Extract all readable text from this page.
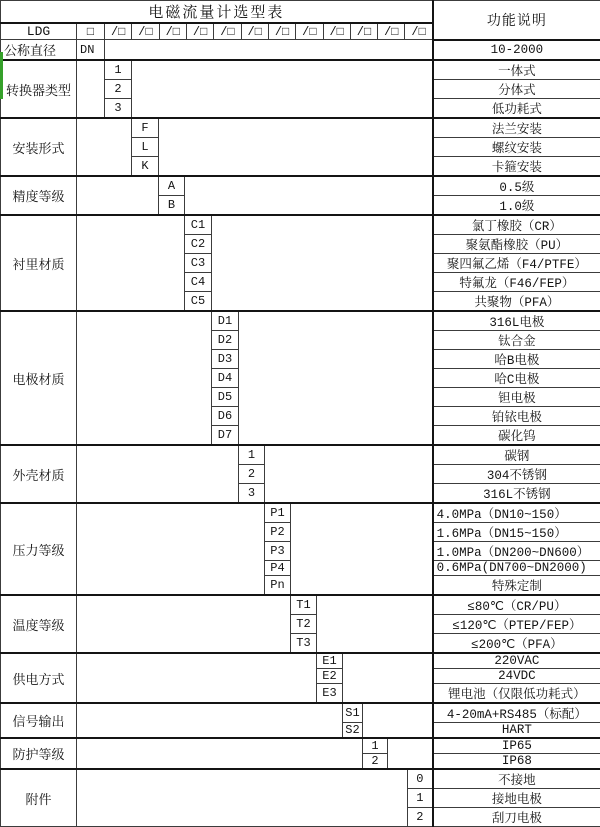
电磁流量计选型表															功能说明
LDG	□	/□	/□	/□	/□	/□	/□	/□	/□	/□	/□	/□	/□

公称直径	DN														10-2000
转换器类型		1													一体式
		2													分体式
		3													低功耗式
安装形式			F												法兰安装
			L												螺纹安装
			K												卡箍安装
精度等级				A											0.5级
				B											1.0级
衬里材质					C1										氯丁橡胶（CR）
					C2										聚氨酯橡胶（PU）
					C3										聚四氟乙烯（F4/PTFE）
					C4										特氟龙（F46/FEP）
					C5										共聚物（PFA）
电极材质						D1									316L电极
						D2									钛合金
						D3									哈B电极
						D4									哈C电极
						D5									钽电极
						D6									铂铱电极
						D7									碳化钨
外壳材质							1								碳钢
							2								304不锈钢
							3								316L不锈钢
压力等级								P1							4.0MPa（DN10~150）
								P2							1.6MPa（DN15~150）
								P3							1.0MPa（DN200~DN600）
								P4							0.6MPa(DN700~DN2000)
								Pn							特殊定制
温度等级									T1						≤80℃（CR/PU）
									T2						≤120℃（PTEP/FEP）
									T3						≤200℃（PFA）
供电方式										E1					220VAC
										E2					24VDC
										E3					锂电池（仅限低功耗式）
信号输出											S1				4-20mA+RS485（标配）
											S2				HART
防护等级												1			IP65
												2			IP68
附件														0	不接地
														1	接地电极
														2	刮刀电极
